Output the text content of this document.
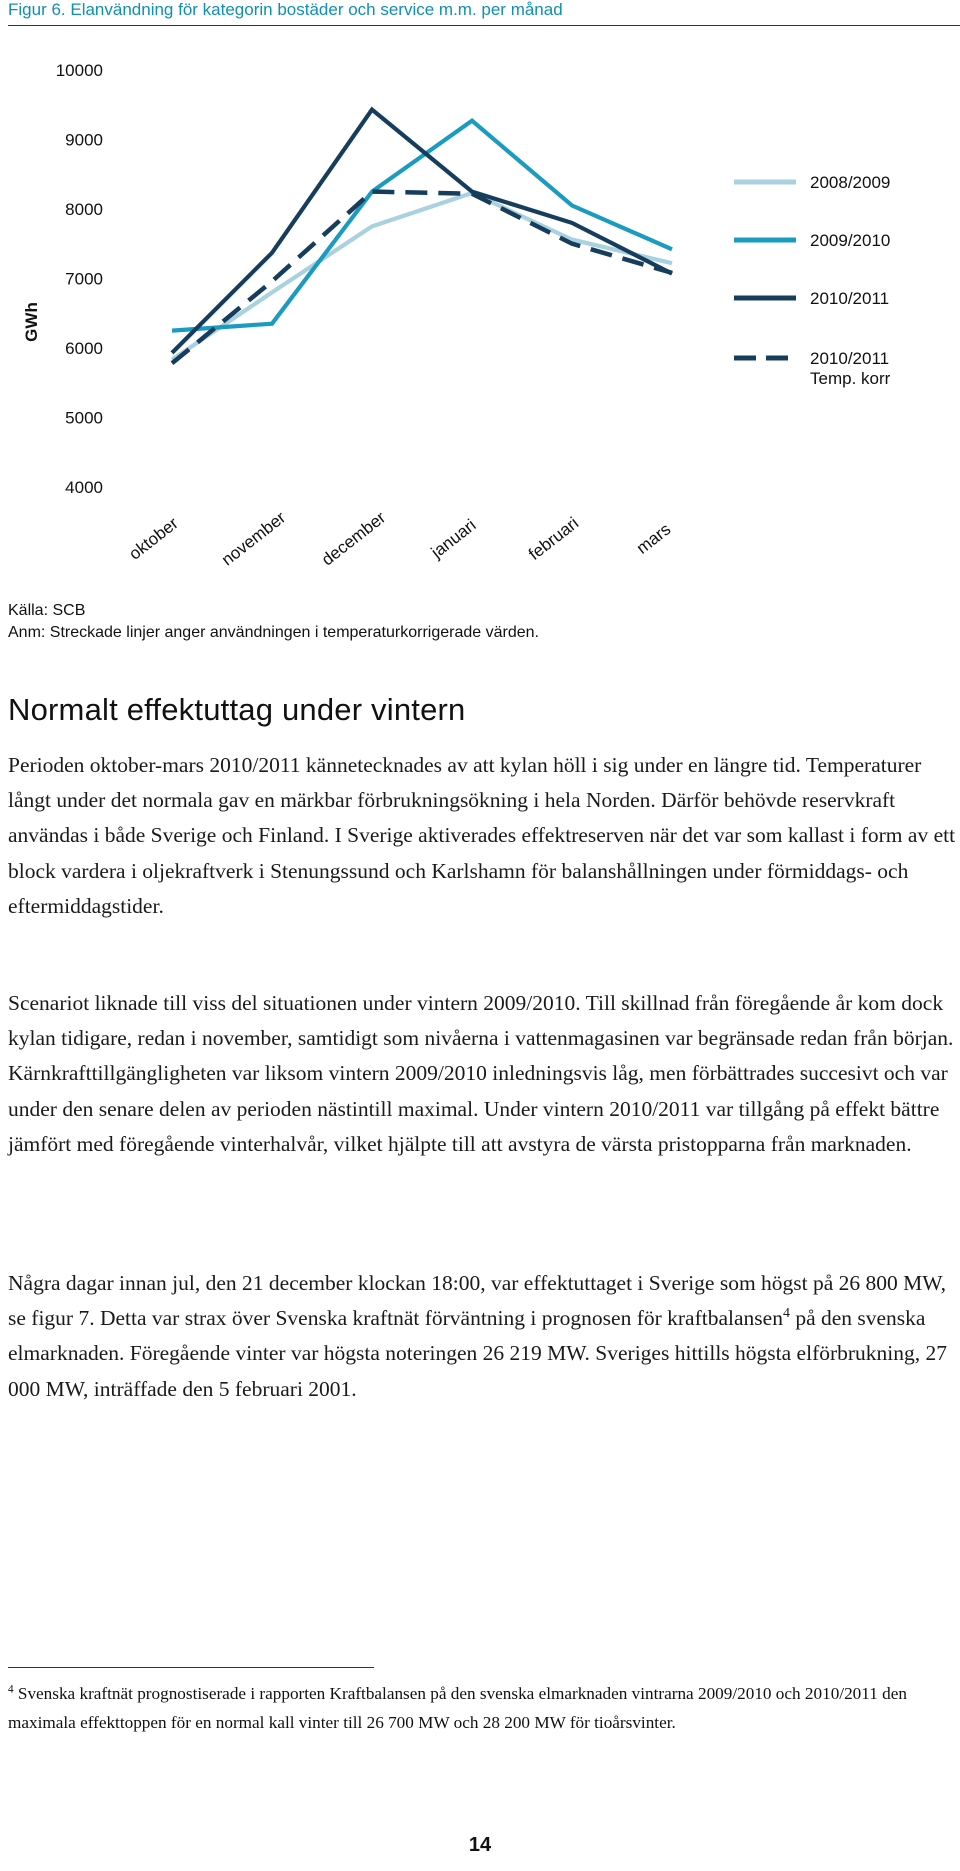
Figur 6. Elanvändning för kategorin bostäder och service m.m. per månad
GWh
4000
5000
6000
7000
8000
9000
10000
oktober november december januari	februari	mars
2008/2009
2009/2010
2010/2011
2010/2011 Temp. korr
Källa: SCB
Anm: Streckade linjer anger användningen i temperaturkorrigerade värden.
Normalt effektuttag under vintern

Perioden oktober-mars 2010/2011 kännetecknades av att kylan höll i sig under en längre tid. Temperaturer långt under det normala gav en märkbar förbrukningsökning i hela Norden. Därför behövde reservkraft användas i både Sverige och Finland. I Sverige aktiverades effektreserven när det var som kallast i form av ett block vardera i oljekraftverk i Stenungssund och Karlshamn för balanshållningen under förmiddags- och eftermiddagstider.

Scenariot liknade till viss del situationen under vintern 2009/2010. Till skillnad från föregående år kom dock kylan tidigare, redan i november, samtidigt som nivåerna i vattenmagasinen var begränsade redan från början. Kärnkrafttillgängligheten var liksom vintern 2009/2010 inledningsvis låg, men förbättrades succesivt och var under den senare delen av perioden nästintill maximal. Under vintern 2010/2011 var tillgång på effekt bättre jämfört med föregående vinterhalvår, vilket hjälpte till att avstyra de värsta pristopparna från marknaden.

Några dagar innan jul, den 21 december klockan 18:00, var effektuttaget i Sverige som högst på 26 800 MW, se figur 7. Detta var strax över Svenska kraftnät förväntning i prognosen för kraftbalansen$^4$ på den svenska elmarknaden. Föregående vinter var högsta noteringen 26 219 MW. Sveriges hittills högsta elförbrukning, 27 000 MW, inträffade den 5 februari 2001.

$^4$ Svenska kraftnät prognostiserade i rapporten Kraftbalansen på den svenska elmarknaden vintrarna 2009/2010 och 2010/2011 den maximala effekttoppen för en normal kall vinter till 26 700 MW och 28 200 MW för tioårsvinter.

14
